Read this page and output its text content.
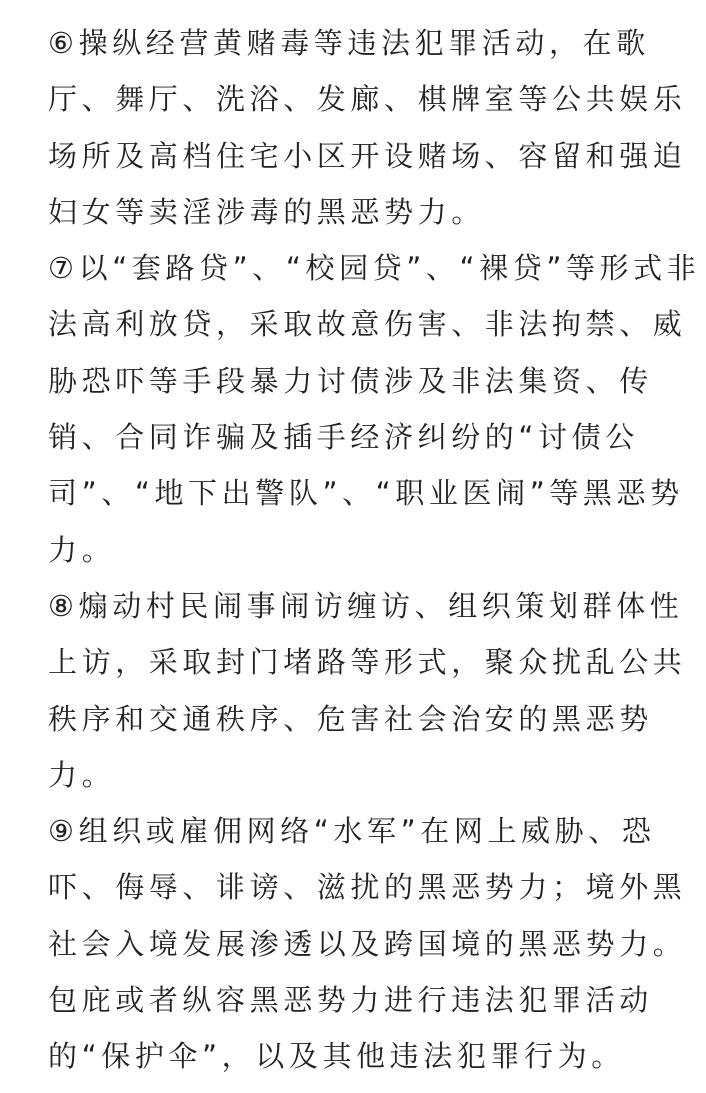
⑥操纵经营黄赌毒等违法犯罪活动，在歌
厅、舞厅、洗浴、发廊、棋牌室等公共娱乐
场所及高档住宅小区开设赌场、容留和强迫
妇女等卖淫涉毒的黑恶势力。
⑦以“套路贷”、“校园贷”、“裸贷”等形式非
法高利放贷，采取故意伤害、非法拘禁、威
胁恐吓等手段暴力讨债涉及非法集资、传
销、合同诈骗及插手经济纠纷的“讨债公
司”、“地下出警队”、“职业医闹”等黑恶势
力。
⑧煽动村民闹事闹访缠访、组织策划群体性
上访，采取封门堵路等形式，聚众扰乱公共
秩序和交通秩序、危害社会治安的黑恶势
力。
⑨组织或雇佣网络“水军”在网上威胁、恐
吓、侮辱、诽谤、滋扰的黑恶势力；境外黑
社会入境发展渗透以及跨国境的黑恶势力。
包庇或者纵容黑恶势力进行违法犯罪活动
的“保护伞”，以及其他违法犯罪行为。
